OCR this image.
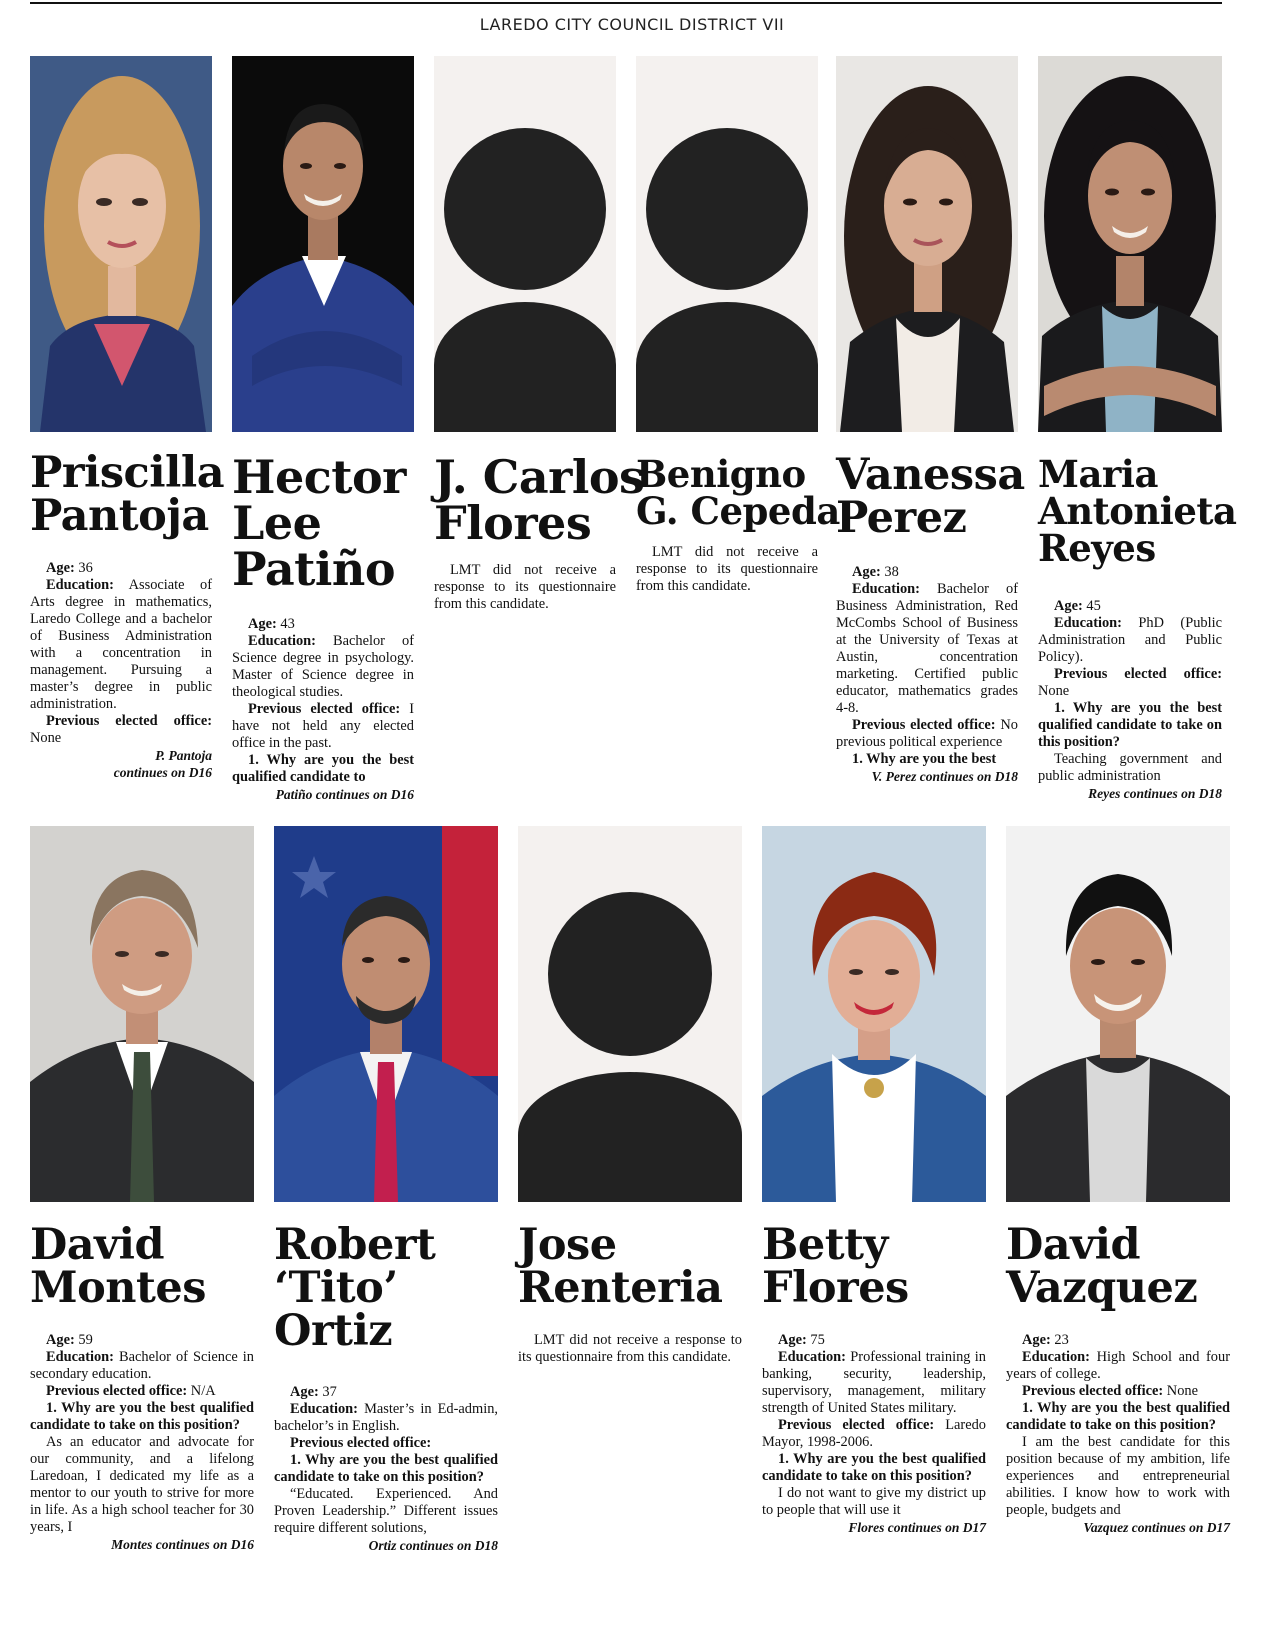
LAREDO CITY COUNCIL DISTRICT VII
Priscilla
Pantoja

Age: 36

Education: Associate of Arts degree in mathematics, Laredo College and a bachelor of Business Administration with a concentration in management. Pursuing a master’s degree in public administration.

Previous elected office: None

P. Pantoja
continues on D16
Hector
Lee
Patiño

Age: 43

Education: Bachelor of Science degree in psychology. Master of Science degree in theological studies.

Previous elected office: I have not held any elected office in the past.

1. Why are you the best qualified candidate to

Patiño continues on D16
J. Carlos
Flores

LMT did not receive a response to its questionnaire from this candidate.

Benigno
G. Cepeda

LMT did not receive a response to its questionnaire from this candidate.

Vanessa
Perez

Age: 38

Education: Bachelor of Business Administration, Red McCombs School of Business at the University of Texas at Austin, concentration marketing. Certified public educator, mathematics grades 4-8.

Previous elected office: No previous political experience

1. Why are you the best

V. Perez continues on D18
Maria
Antonieta
Reyes

Age: 45

Education: PhD (Public Administration and Public Policy).

Previous elected office: None

1. Why are you the best qualified candidate to take on this position?

Teaching government and public administration

Reyes continues on D18
David
Montes

Age: 59

Education: Bachelor of Science in secondary education.

Previous elected office: N/A

1. Why are you the best qualified candidate to take on this position?

As an educator and advocate for our community, and a lifelong Laredoan, I dedicated my life as a mentor to our youth to strive for more in life. As a high school teacher for 30 years, I

Montes continues on D16
Robert
‘Tito’
Ortiz

Age: 37

Education: Master’s in Ed-admin, bachelor’s in English.

Previous elected office:

1. Why are you the best qualified candidate to take on this position?

“Educated. Experienced. And Proven Leadership.” Different issues require different solutions,

Ortiz continues on D18
Jose
Renteria

LMT did not receive a response to its questionnaire from this candidate.

Betty
Flores

Age: 75

Education: Professional training in banking, security, leadership, supervisory, management, military strength of United States military.

Previous elected office: Laredo Mayor, 1998-2006.

1. Why are you the best qualified candidate to take on this position?

I do not want to give my district up to people that will use it

Flores continues on D17
David
Vazquez

Age: 23

Education: High School and four years of college.

Previous elected office: None

1. Why are you the best qualified candidate to take on this position?

I am the best candidate for this position because of my ambition, life experiences and entrepreneurial abilities. I know how to work with people, budgets and

Vazquez continues on D17
